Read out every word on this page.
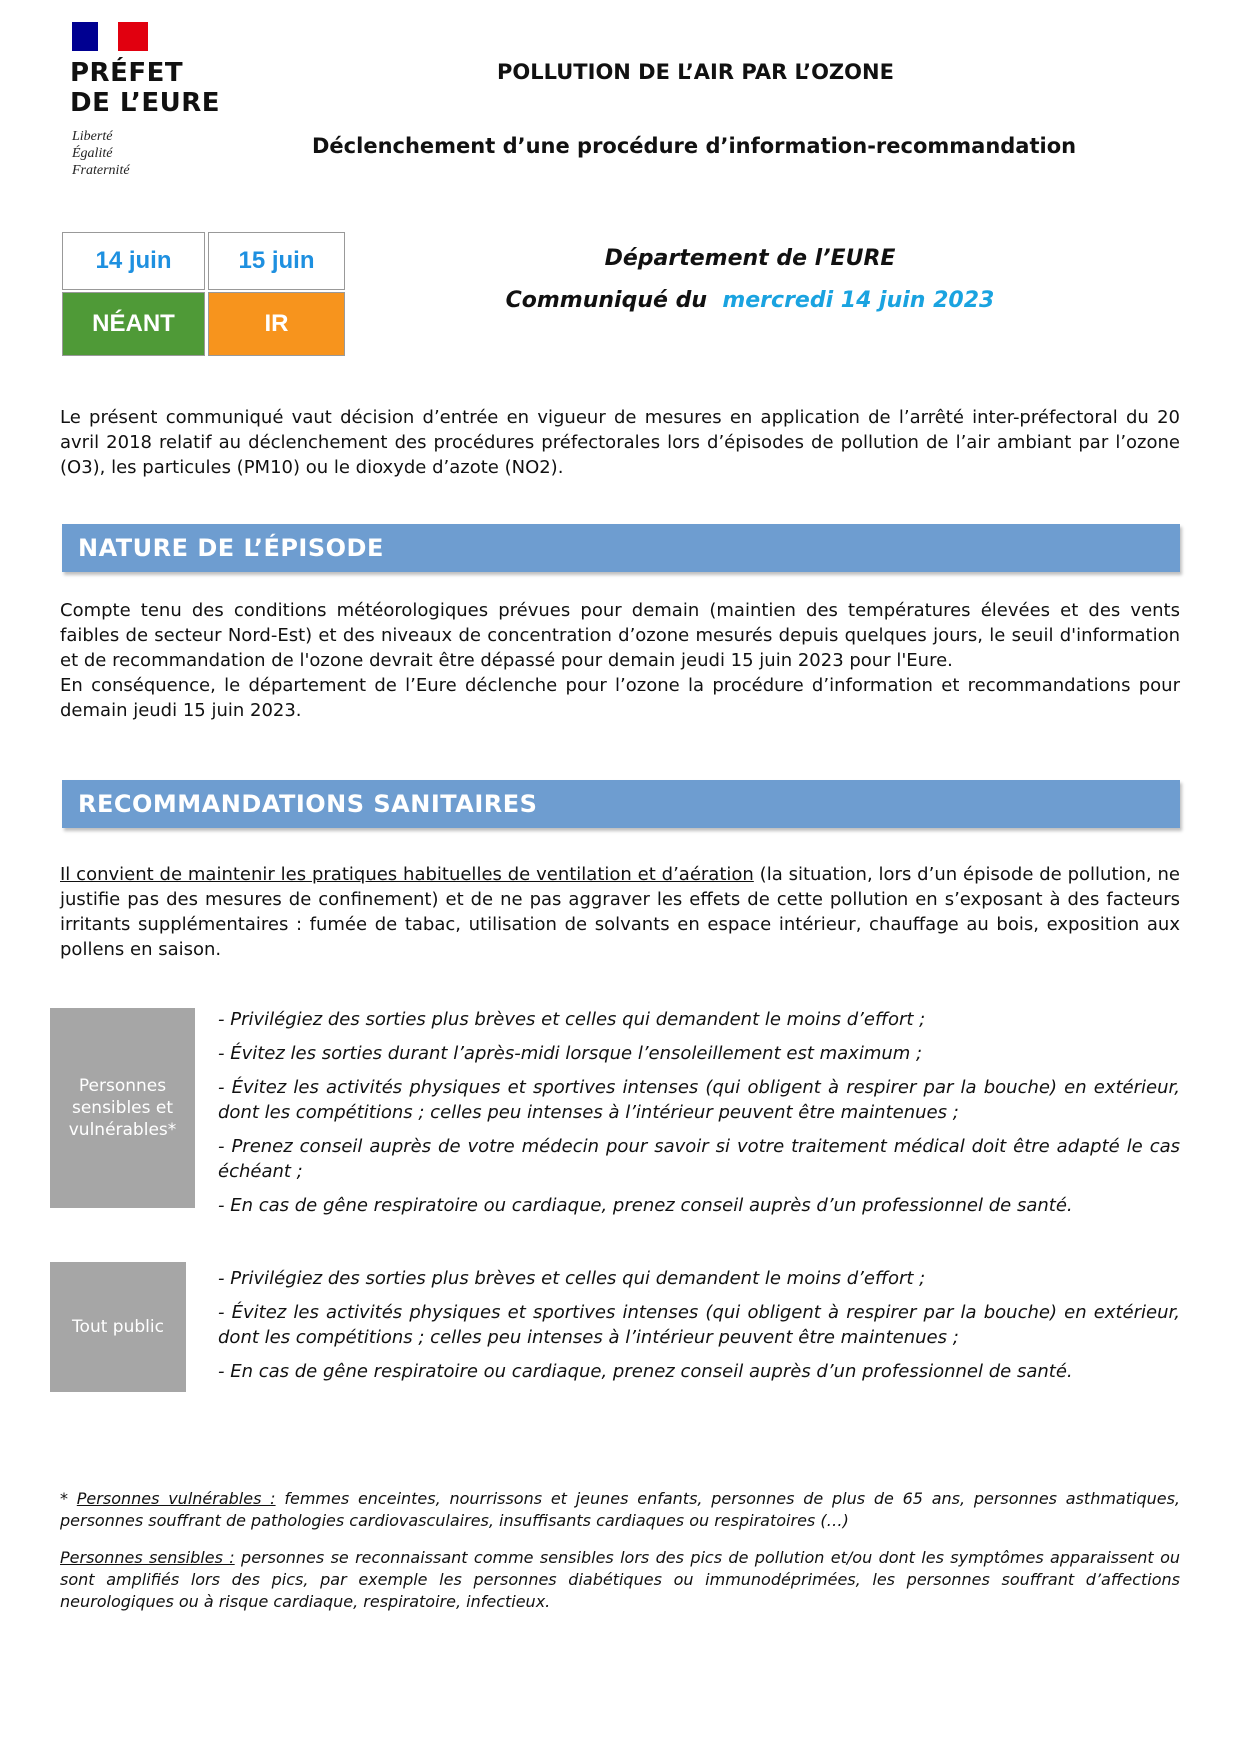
PRÉFET
DE L’EURE
Liberté
Égalité
Fraternité
POLLUTION DE L’AIR PAR L’OZONE
Déclenchement d’une procédure d’information-recommandation
14 juin	15 juin
NÉANT	IR
Département de l’EURE
Communiqué du mercredi 14 juin 2023
Le présent communiqué vaut décision d’entrée en vigueur de mesures en application de l’arrêté inter-préfectoral du 20 avril 2018 relatif au déclenchement des procédures préfectorales lors d’épisodes de pollution de l’air ambiant par l’ozone (O3), les particules (PM10) ou le dioxyde d’azote (NO2).
NATURE DE L’ÉPISODE

Compte tenu des conditions météorologiques prévues pour demain (maintien des températures élevées et des vents faibles de secteur Nord-Est) et des niveaux de concentration d’ozone mesurés depuis quelques jours, le seuil d'information et de recommandation de l'ozone devrait être dépassé pour demain jeudi 15 juin 2023 pour l'Eure.

En conséquence, le département de l’Eure déclenche pour l’ozone la procédure d’information et recommandations pour demain jeudi 15 juin 2023.

RECOMMANDATIONS SANITAIRES
Il convient de maintenir les pratiques habituelles de ventilation et d’aération (la situation, lors d’un épisode de pollution, ne justifie pas des mesures de confinement) et de ne pas aggraver les effets de cette pollution en s’exposant à des facteurs irritants supplémentaires : fumée de tabac, utilisation de solvants en espace intérieur, chauffage au bois, exposition aux pollens en saison.
Personnes sensibles et vulnérables*

- Privilégiez des sorties plus brèves et celles qui demandent le moins d’effort ;

- Évitez les sorties durant l’après-midi lorsque l’ensoleillement est maximum ;

- Évitez les activités physiques et sportives intenses (qui obligent à respirer par la bouche) en extérieur, dont les compétitions ; celles peu intenses à l’intérieur peuvent être maintenues ;

- Prenez conseil auprès de votre médecin pour savoir si votre traitement médical doit être adapté le cas échéant ;

- En cas de gêne respiratoire ou cardiaque, prenez conseil auprès d’un professionnel de santé.

Tout public

- Privilégiez des sorties plus brèves et celles qui demandent le moins d’effort ;

- Évitez les activités physiques et sportives intenses (qui obligent à respirer par la bouche) en extérieur, dont les compétitions ; celles peu intenses à l’intérieur peuvent être maintenues ;

- En cas de gêne respiratoire ou cardiaque, prenez conseil auprès d’un professionnel de santé.

* Personnes vulnérables : femmes enceintes, nourrissons et jeunes enfants, personnes de plus de 65 ans, personnes asthmatiques, personnes souffrant de pathologies cardiovasculaires, insuffisants cardiaques ou respiratoires (…)

Personnes sensibles : personnes se reconnaissant comme sensibles lors des pics de pollution et/ou dont les symptômes apparaissent ou sont amplifiés lors des pics, par exemple les personnes diabétiques ou immunodéprimées, les personnes souffrant d’affections neurologiques ou à risque cardiaque, respiratoire, infectieux.
